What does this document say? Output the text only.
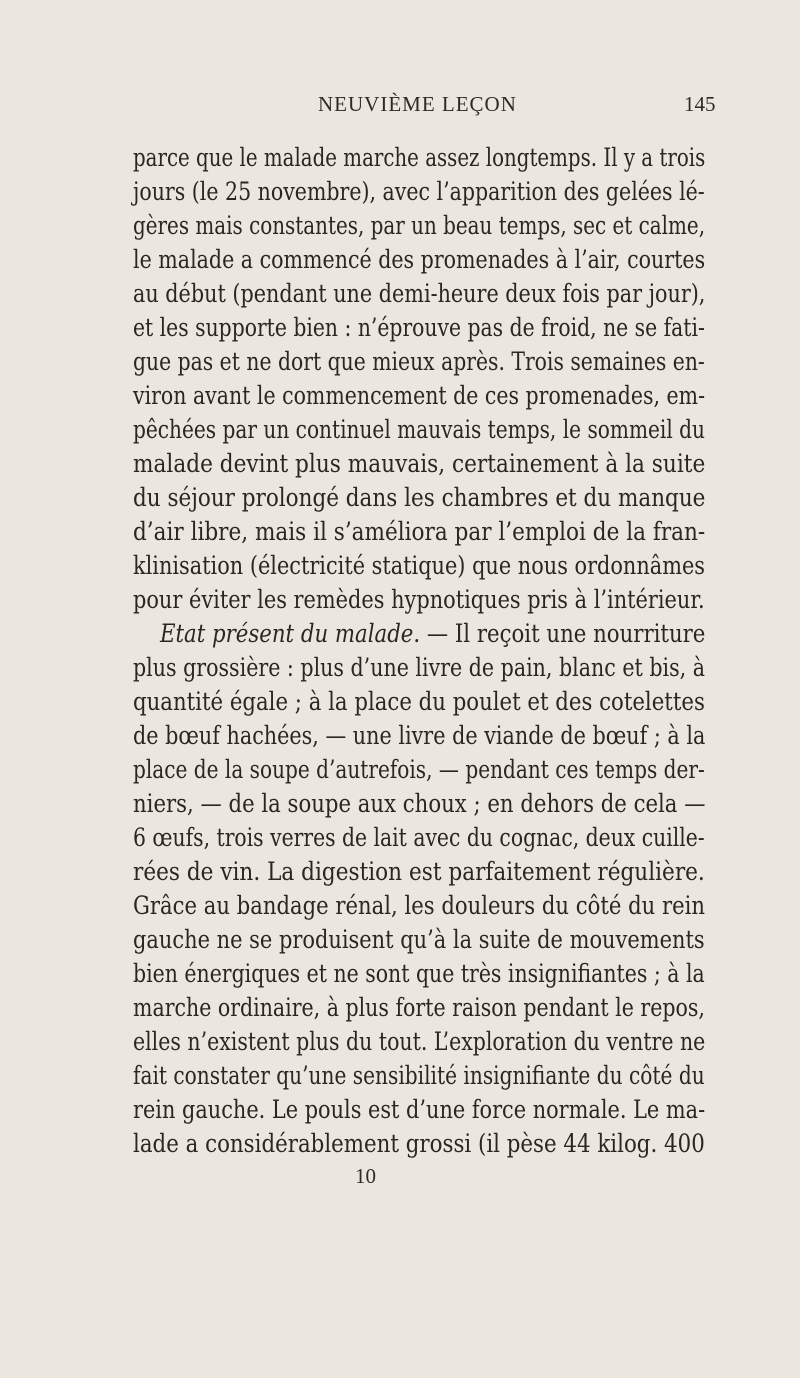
NEUVIÈME LEÇON	145
parce que le malade marche assez longtemps. Il y a trois
jours (le 25 novembre), avec l’apparition des gelées lé-
gères mais constantes, par un beau temps, sec et calme,
le malade a commencé des promenades à l’air, courtes
au début (pendant une demi-heure deux fois par jour),
et les supporte bien : n’éprouve pas de froid, ne se fati-
gue pas et ne dort que mieux après. Trois semaines en-
viron avant le commencement de ces promenades, em-
pêchées par un continuel mauvais temps, le sommeil du
malade devint plus mauvais, certainement à la suite
du séjour prolongé dans les chambres et du manque
d’air libre, mais il s’améliora par l’emploi de la fran-
klinisation (électricité statique) que nous ordonnâmes
pour éviter les remèdes hypnotiques pris à l’intérieur.
Etat présent du malade. — Il reçoit une nourriture
plus grossière : plus d’une livre de pain, blanc et bis, à
quantité égale ; à la place du poulet et des cotelettes
de bœuf hachées, — une livre de viande de bœuf ; à la
place de la soupe d’autrefois, — pendant ces temps der-
niers, — de la soupe aux choux ; en dehors de cela —
6 œufs, trois verres de lait avec du cognac, deux cuille-
rées de vin. La digestion est parfaitement régulière.
Grâce au bandage rénal, les douleurs du côté du rein
gauche ne se produisent qu’à la suite de mouvements
bien énergiques et ne sont que très insignifiantes ; à la
marche ordinaire, à plus forte raison pendant le repos,
elles n’existent plus du tout. L’exploration du ventre ne
fait constater qu’une sensibilité insignifiante du côté du
rein gauche. Le pouls est d’une force normale. Le ma-
lade a considérablement grossi (il pèse 44 kilog. 400
10
